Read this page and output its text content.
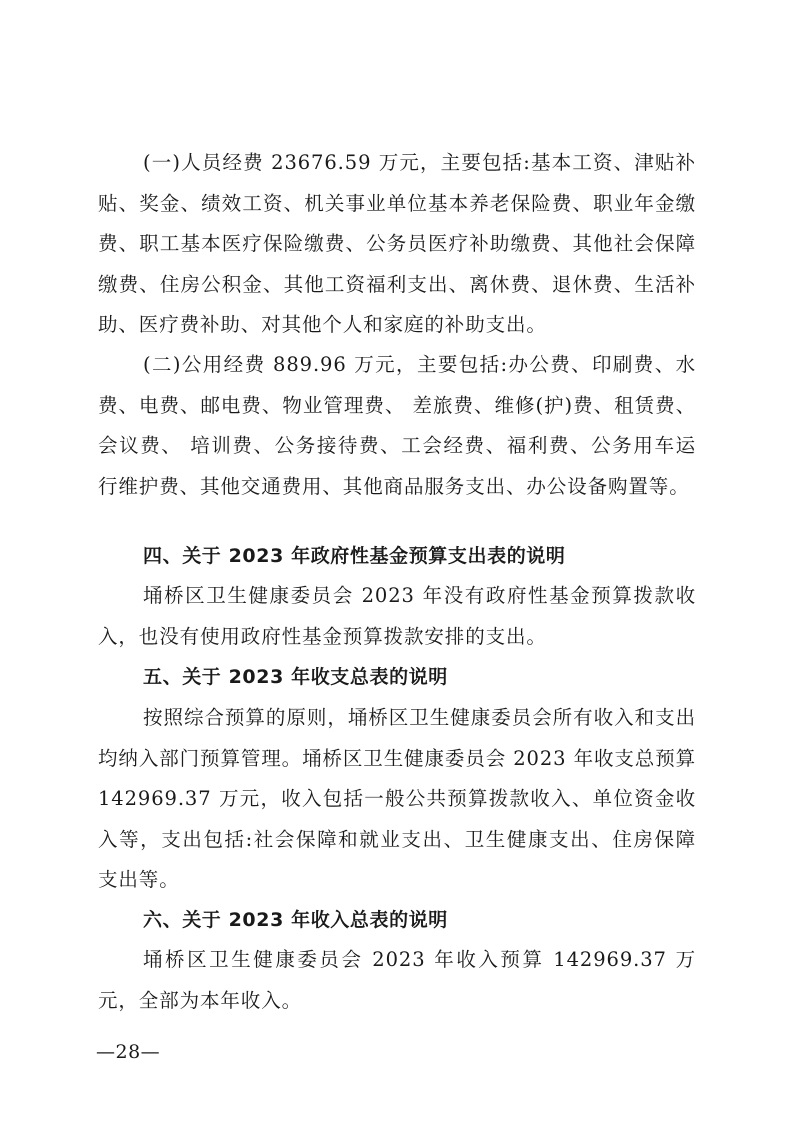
(一)人员经费 23676.59 万元，主要包括:基本工资、津贴补贴、奖金、绩效工资、机关事业单位基本养老保险费、职业年金缴费、职工基本医疗保险缴费、公务员医疗补助缴费、其他社会保障缴费、住房公积金、其他工资福利支出、离休费、退休费、生活补助、医疗费补助、对其他个人和家庭的补助支出。

(二)公用经费 889.96 万元，主要包括:办公费、印刷费、水费、电费、邮电费、物业管理费、 差旅费、维修(护)费、租赁费、会议费、 培训费、公务接待费、工会经费、福利费、公务用车运行维护费、其他交通费用、其他商品服务支出、办公设备购置等。

四、关于 2023 年政府性基金预算支出表的说明

埇桥区卫生健康委员会 2023 年没有政府性基金预算拨款收入，也没有使用政府性基金预算拨款安排的支出。

五、关于 2023 年收支总表的说明

按照综合预算的原则，埇桥区卫生健康委员会所有收入和支出均纳入部门预算管理。埇桥区卫生健康委员会 2023 年收支总预算 142969.37 万元，收入包括一般公共预算拨款收入、单位资金收入等，支出包括:社会保障和就业支出、卫生健康支出、住房保障支出等。

六、关于 2023 年收入总表的说明

埇桥区卫生健康委员会 2023 年收入预算 142969.37 万元，全部为本年收入。

—28—
